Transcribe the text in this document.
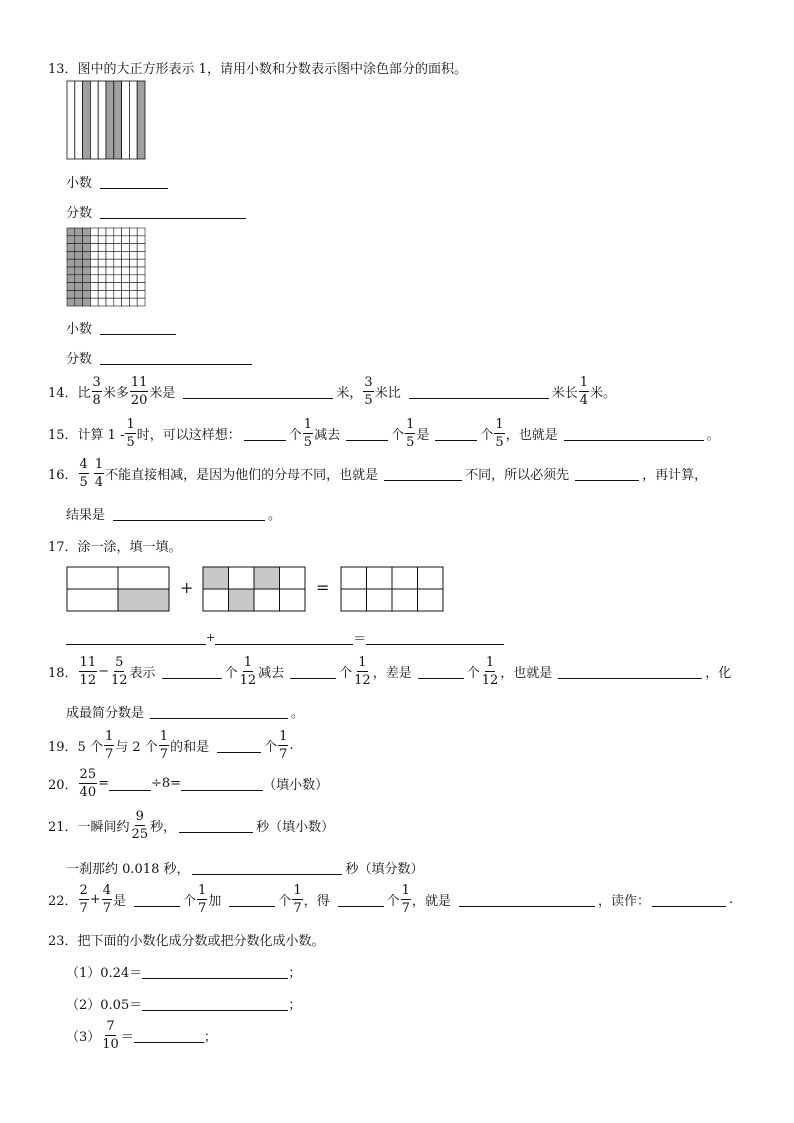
13．图中的大正方形表示 1，请用小数和分数表示图中涂色部分的面积。
小数
分数
小数
分数
14．比 $\frac{3}{8}$ 米多 $\frac{11}{20}$ 米是	米， $\frac{3}{5}$ 米比	米长 $\frac{1}{4}$ 米。
15．计算 $1 - \frac{1}{5}$ 时，可以这样想：	个 $\frac{1}{5}$ 减去	个 $\frac{1}{5}$ 是	个 $\frac{1}{5}$ ，也就是	。
16． $\frac{4}{5} \frac{1}{4}$ 不能直接相减，是因为他们的分母不同，也就是	不同，所以必须先	，再计算，
结果是	。
17．涂一涂，填一填。
+	=
+	＝
18． $\frac{11}{12} - \frac{5}{12}$ 表示	个 $\frac{1}{12}$ 减去	个 $\frac{1}{12}$ ，差是	个 $\frac{1}{12}$ ，也就是	，化
成最简分数是	。
19．5 个 $\frac{1}{7}$ 与 2 个 $\frac{1}{7}$ 的和是	个 $\frac{1}{7}$ .
20． $\frac{25}{40}$ =	÷8=	（填小数）
21．一瞬间约 $\frac{9}{25}$ 秒，	秒（填小数）
一刹那约 0.018 秒，	秒（填分数）
22． $\frac{2}{7} + \frac{4}{7}$ 是	个 $\frac{1}{7}$ 加	个 $\frac{1}{7}$ ，得	个 $\frac{1}{7}$ ，就是	，读作：	.
23．把下面的小数化成分数或把分数化成小数。
（1）0.24＝	；
（2）0.05＝	；
$(3) \frac{7}{10}$ ＝	；
